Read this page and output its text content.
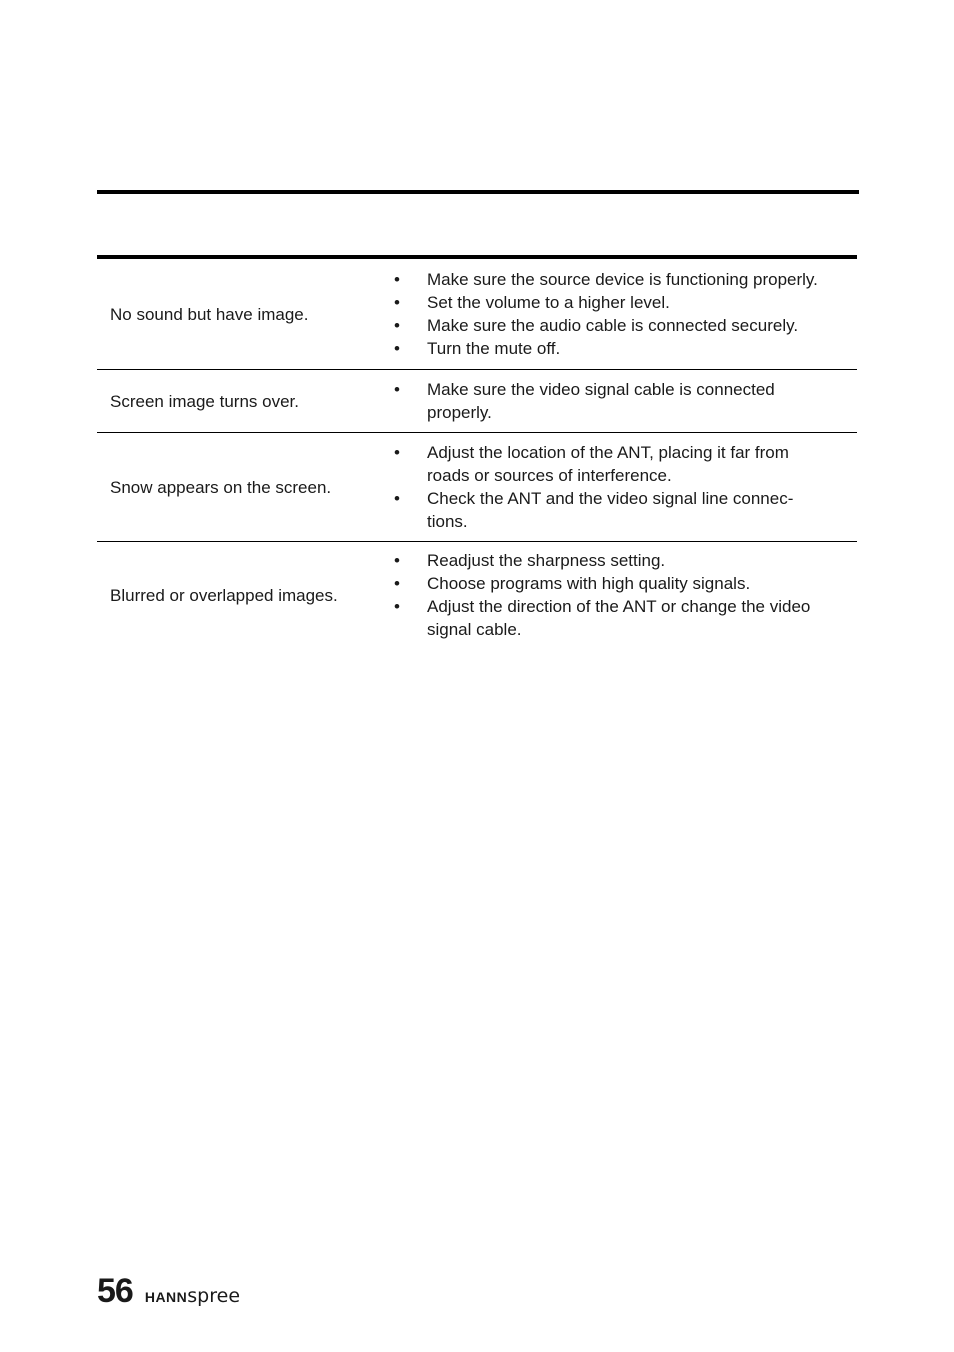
No sound but have image.
• Make sure the source device is functioning properly.
• Set the volume to a higher level.
• Make sure the audio cable is connected securely.
• Turn the mute off.
Screen image turns over.
• Make sure the video signal cable is connected properly.
Snow appears on the screen.
• Adjust the location of the ANT, placing it far from roads or sources of interference.
• Check the ANT and the video signal line connec-tions.
Blurred or overlapped images.
• Readjust the sharpness setting.
• Choose programs with high quality signals.
• Adjust the direction of the ANT or change the video signal cable.
56 HANNspree
